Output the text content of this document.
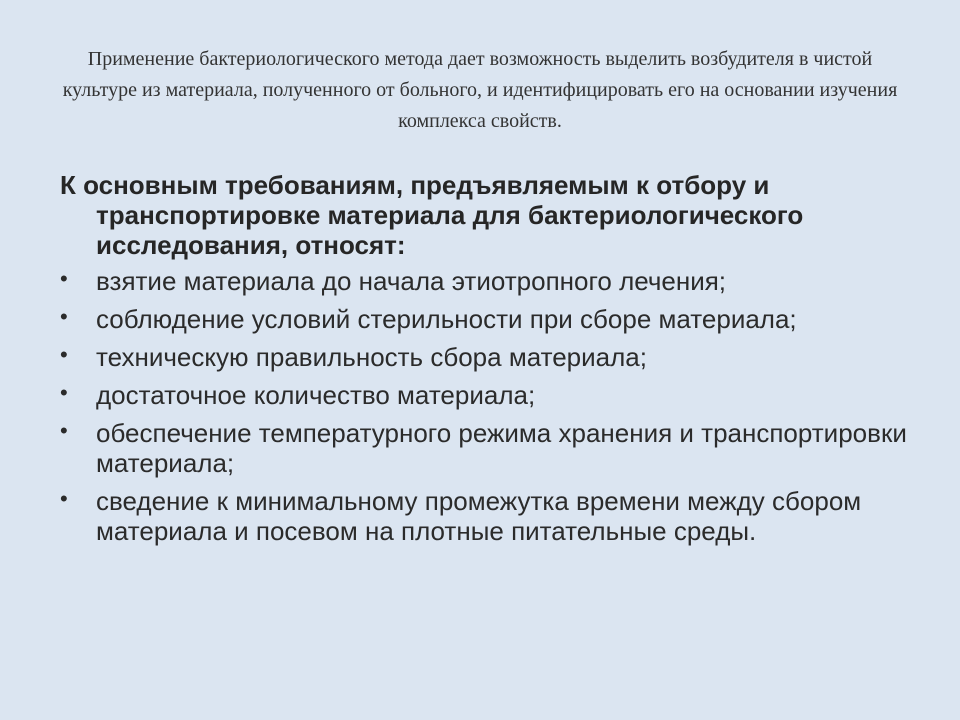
Применение бактериологического метода дает возможность выделить возбудителя в чистой культуре из материала, полученного от больного, и идентифицировать его на основании изучения комплекса свойств.
К основным требованиям, предъявляемым к отбору и транспортировке материала для бактериологического исследования, относят:
• взятие материала до начала этиотропного лечения;
• соблюдение условий стерильности при сборе материала;
• техническую правильность сбора материала;
• достаточное количество материала;
• обеспечение температурного режима хранения и транспортировки материала;
• сведение к минимальному промежутка времени между сбором материала и посевом на плотные питательные среды.
